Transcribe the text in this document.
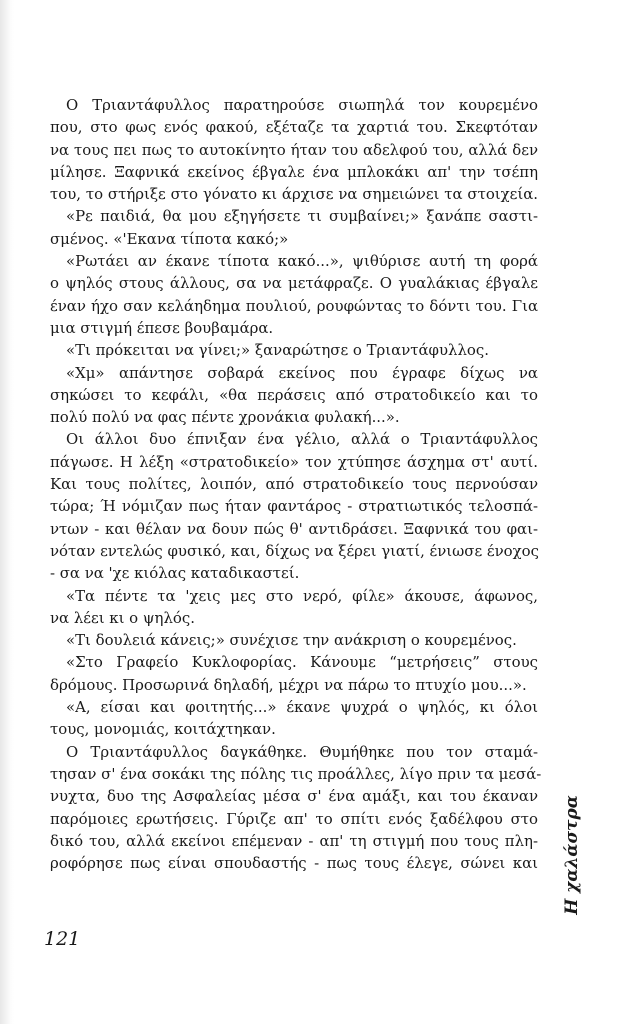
Ο Τριαντάφυλλος παρατηρούσε σιωπηλά τον κουρεμένο
που, στο φως ενός φακού, εξέταζε τα χαρτιά του. Σκεφτόταν
να τους πει πως το αυτοκίνητο ήταν του αδελφού του, αλλά δεν
μίλησε. Ξαφνικά εκείνος έβγαλε ένα μπλοκάκι απ' την τσέπη
του, το στήριξε στο γόνατο κι άρχισε να σημειώνει τα στοιχεία.
«Ρε παιδιά, θα μου εξηγήσετε τι συμβαίνει;» ξανάπε σαστι-
σμένος. «'Εκανα τίποτα κακό;»
«Ρωτάει αν έκανε τίποτα κακό...», ψιθύρισε αυτή τη φορά
ο ψηλός στους άλλους, σα να μετάφραζε. Ο γυαλάκιας έβγαλε
έναν ήχο σαν κελάηδημα πουλιού, ρουφώντας το δόντι του. Για
μια στιγμή έπεσε βουβαμάρα.
«Τι πρόκειται να γίνει;» ξαναρώτησε ο Τριαντάφυλλος.
«Χμ» απάντησε σοβαρά εκείνος που έγραφε δίχως να
σηκώσει το κεφάλι, «θα περάσεις από στρατοδικείο και το
πολύ πολύ να φας πέντε χρονάκια φυλακή...».
Οι άλλοι δυο έπνιξαν ένα γέλιο, αλλά ο Τριαντάφυλλος
πάγωσε. Η λέξη «στρατοδικείο» τον χτύπησε άσχημα στ' αυτί.
Και τους πολίτες, λοιπόν, από στρατοδικείο τους περνούσαν
τώρα; Ή νόμιζαν πως ήταν φαντάρος - στρατιωτικός τελοσπά-
ντων - και θέλαν να δουν πώς θ' αντιδράσει. Ξαφνικά του φαι-
νόταν εντελώς φυσικό, και, δίχως να ξέρει γιατί, ένιωσε ένοχος
- σα να 'χε κιόλας καταδικαστεί.
«Τα πέντε τα 'χεις μες στο νερό, φίλε» άκουσε, άφωνος,
να λέει κι ο ψηλός.
«Τι δουλειά κάνεις;» συνέχισε την ανάκριση ο κουρεμένος.
«Στο Γραφείο Κυκλοφορίας. Κάνουμε “μετρήσεις” στους
δρόμους. Προσωρινά δηλαδή, μέχρι να πάρω το πτυχίο μου...».
«Α, είσαι και φοιτητής...» έκανε ψυχρά ο ψηλός, κι όλοι
τους, μονομιάς, κοιτάχτηκαν.
Ο Τριαντάφυλλος δαγκάθηκε. Θυμήθηκε που τον σταμά-
τησαν σ' ένα σοκάκι της πόλης τις προάλλες, λίγο πριν τα μεσά-
νυχτα, δυο της Ασφαλείας μέσα σ' ένα αμάξι, και του έκαναν
παρόμοιες ερωτήσεις. Γύριζε απ' το σπίτι ενός ξαδέλφου στο
δικό του, αλλά εκείνοι επέμεναν - απ' τη στιγμή που τους πλη-
ροφόρησε πως είναι σπουδαστής - πως τους έλεγε, σώνει και
121
Η χαλάστρα
